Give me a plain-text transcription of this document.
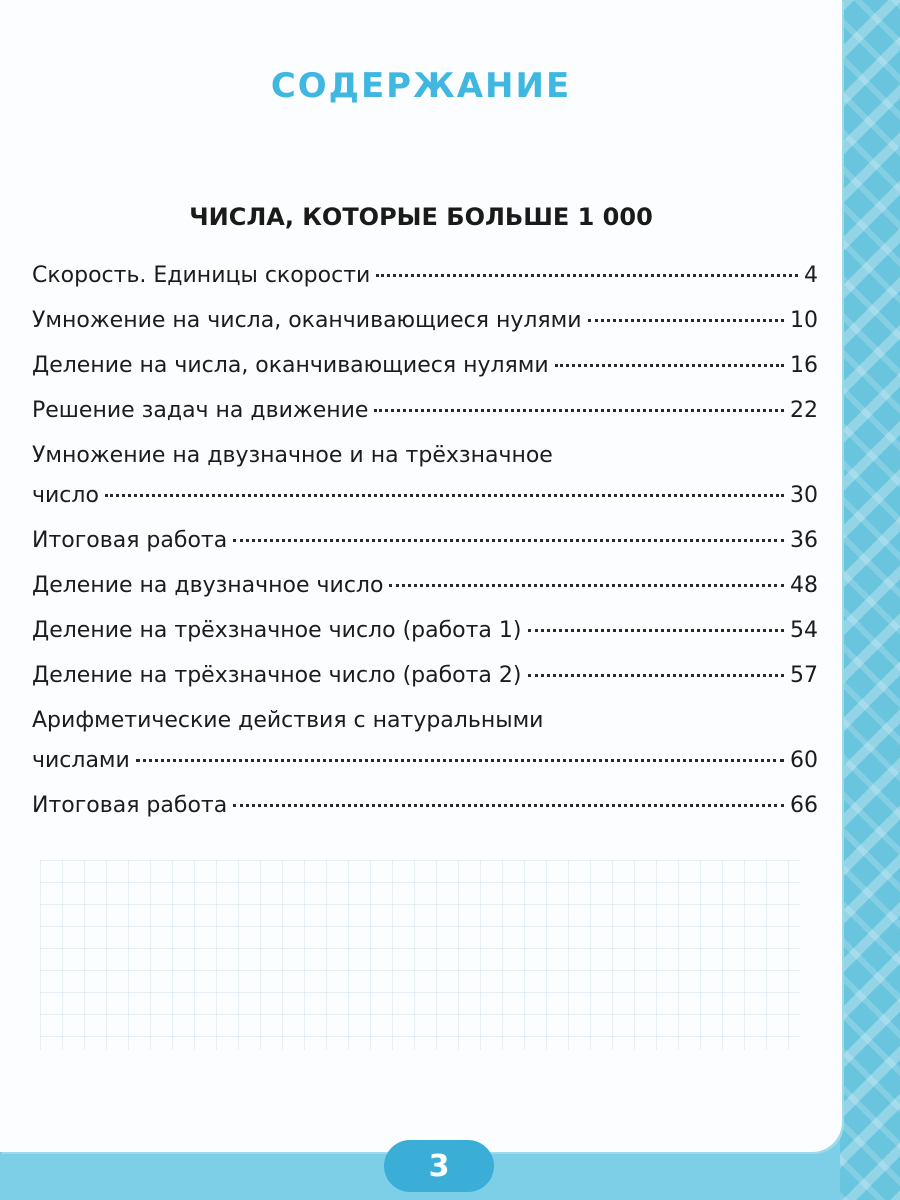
СОДЕРЖАНИЕ
ЧИСЛА, КОТОРЫЕ БОЛЬШЕ 1 000
Скорость. Единицы скорости	4
Умножение на числа, оканчивающиеся нулями	10
Деление на числа, оканчивающиеся нулями	16
Решение задач на движение	22
Умножение на двузначное и на трёхзначное
число	30
Итоговая работа	36
Деление на двузначное число	48
Деление на трёхзначное число (работа 1)	54
Деление на трёхзначное число (работа 2)	57
Арифметические действия с натуральными
числами	60
Итоговая работа	66
3
